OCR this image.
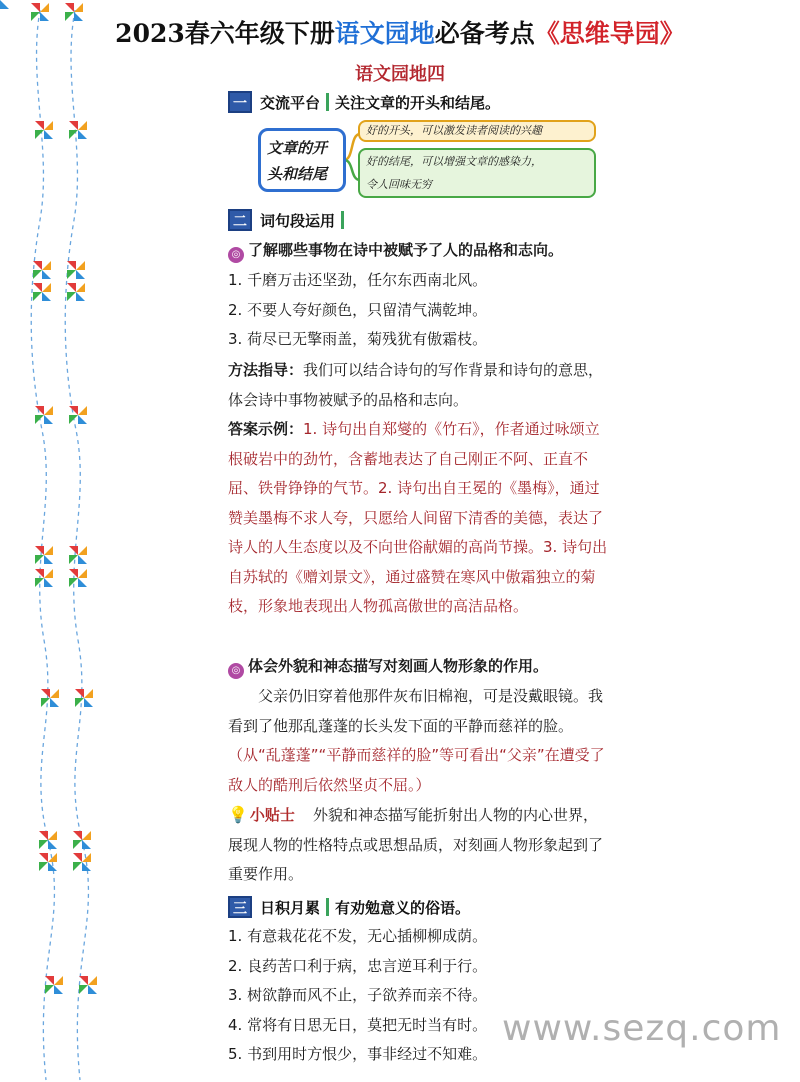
2023春六年级下册语文园地必备考点《思维导园》
语文园地四
一 交流平台	关注文章的开头和结尾。
文章的开
头和结尾
好的开头，可以激发读者阅读的兴趣
好的结尾，可以增强文章的感染力，
令人回味无穷
二 词句段运用
◎ 了解哪些事物在诗中被赋予了人的品格和志向。
1. 千磨万击还坚劲，任尔东西南北风。
2. 不要人夸好颜色，只留清气满乾坤。
3. 荷尽已无擎雨盖，菊残犹有傲霜枝。
方法指导：我们可以结合诗句的写作背景和诗句的意思，体会诗中事物被赋予的品格和志向。
答案示例：1. 诗句出自郑燮的《竹石》，作者通过咏颂立根破岩中的劲竹，含蓄地表达了自己刚正不阿、正直不屈、铁骨铮铮的气节。2. 诗句出自王冕的《墨梅》，通过赞美墨梅不求人夸，只愿给人间留下清香的美德，表达了诗人的人生态度以及不向世俗献媚的高尚节操。3. 诗句出自苏轼的《赠刘景文》，通过盛赞在寒风中傲霜独立的菊枝，形象地表现出人物孤高傲世的高洁品格。
◎ 体会外貌和神态描写对刻画人物形象的作用。
父亲仍旧穿着他那件灰布旧棉袍，可是没戴眼镜。我看到了他那乱蓬蓬的长头发下面的平静而慈祥的脸。（从“乱蓬蓬”“平静而慈祥的脸”等可看出“父亲”在遭受了敌人的酷刑后依然坚贞不屈。）
💡 小贴士 外貌和神态描写能折射出人物的内心世界，展现人物的性格特点或思想品质，对刻画人物形象起到了重要作用。
三 日积月累	有劝勉意义的俗语。
1. 有意栽花花不发，无心插柳柳成荫。
2. 良药苦口利于病，忠言逆耳利于行。
3. 树欲静而风不止，子欲养而亲不待。
4. 常将有日思无日，莫把无时当有时。
5. 书到用时方恨少，事非经过不知难。
www.sezq.com
